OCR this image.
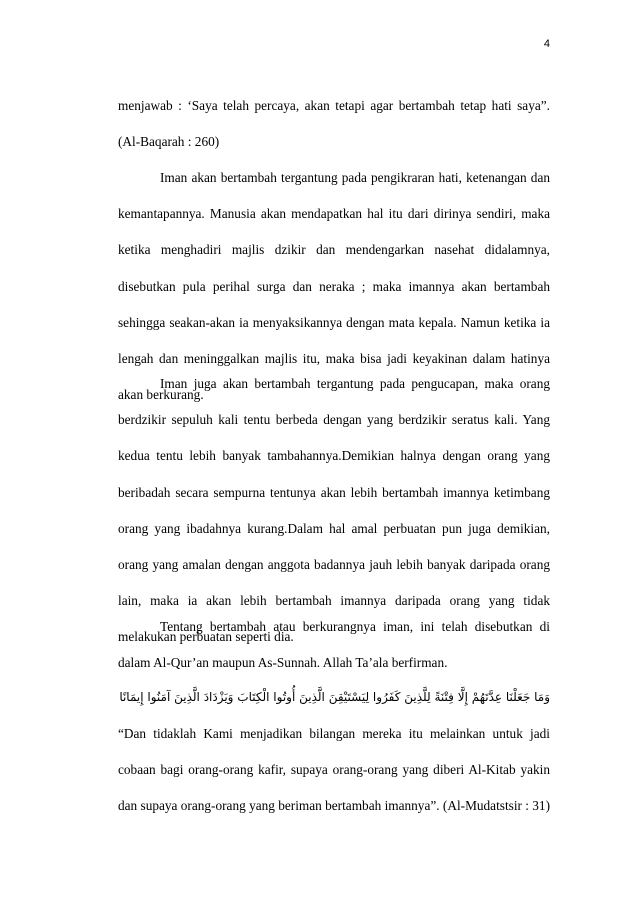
4

menjawab : ‘Saya telah percaya, akan tetapi agar bertambah tetap hati saya”. (Al-Baqarah : 260)

Iman akan bertambah tergantung pada pengikraran hati, ketenangan dan kemantapannya. Manusia akan mendapatkan hal itu dari dirinya sendiri, maka ketika menghadiri majlis dzikir dan mendengarkan nasehat didalamnya, disebutkan pula perihal surga dan neraka ; maka imannya akan bertambah sehingga seakan-akan ia menyaksikannya dengan mata kepala. Namun ketika ia lengah dan meninggalkan majlis itu, maka bisa jadi keyakinan dalam hatinya akan berkurang.

Iman juga akan bertambah tergantung pada pengucapan, maka orang berdzikir sepuluh kali tentu berbeda dengan yang berdzikir seratus kali. Yang kedua tentu lebih banyak tambahannya.Demikian halnya dengan orang yang beribadah secara sempurna tentunya akan lebih bertambah imannya ketimbang orang yang ibadahnya kurang.Dalam hal amal perbuatan pun juga demikian, orang yang amalan dengan anggota badannya jauh lebih banyak daripada orang lain, maka ia akan lebih bertambah imannya daripada orang yang tidak melakukan perbuatan seperti dia.

Tentang bertambah atau berkurangnya iman, ini telah disebutkan di dalam Al-Qur’an maupun As-Sunnah. Allah Ta’ala berfirman.

وَمَا جَعَلْنَا عِدَّتَهُمْ إِلَّا فِتْنَةً لِلَّذِينَ كَفَرُوا لِيَسْتَيْقِنَ الَّذِينَ أُوتُوا الْكِتَابَ وَيَزْدَادَ الَّذِينَ آمَنُوا إِيمَانًا

“Dan tidaklah Kami menjadikan bilangan mereka itu melainkan untuk jadi cobaan bagi orang-orang kafir, supaya orang-orang yang diberi Al-Kitab yakin dan supaya orang-orang yang beriman bertambah imannya”. (Al-Mudatstsir : 31)
